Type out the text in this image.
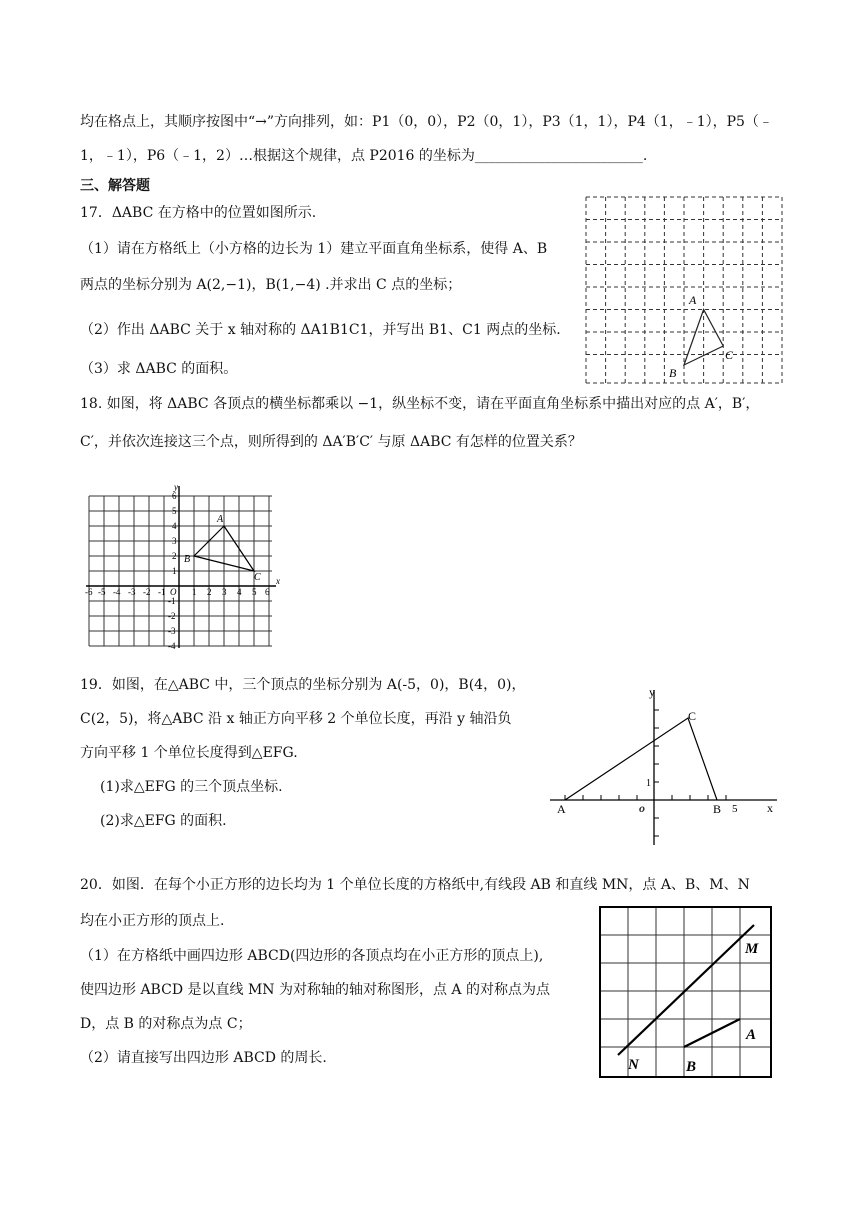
均在格点上，其顺序按图中“→”方向排列，如：P1（0，0），P2（0，1），P3（1，1），P4（1，﹣1），P5（﹣
1，﹣1），P6（﹣1，2）…根据这个规律，点 P2016 的坐标为________________________.
三、解答题
17．ΔABC 在方格中的位置如图所示.
（1）请在方格纸上（小方格的边长为 1）建立平面直角坐标系，使得 A、B
两点的坐标分别为 A(2,−1)，B(1,−4) .并求出 C 点的坐标；
（2）作出 ΔABC 关于 x 轴对称的 ΔA1B1C1，并写出 B1、C1 两点的坐标.
（3）求 ΔABC 的面积。
A
B
C
18. 如图，将 ΔABC 各顶点的横坐标都乘以 −1，纵坐标不变，请在平面直角坐标系中描出对应的点 A′，B′，
C′，并依次连接这三个点，则所得到的 ΔA′B′C′ 与原 ΔABC 有怎样的位置关系？
y
x
O
-6 -5 -4 -3 -2 -1	1 2 3 4 5 6
6
5
4
3
2
1
-1
-2
-3
-4
A
B
C
19．如图，在△ABC 中，三个顶点的坐标分别为 A(-5，0)，B(4，0)，
C(2，5)，将△ABC 沿 x 轴正方向平移 2 个单位长度，再沿 y 轴沿负
方向平移 1 个单位长度得到△EFG.
(1)求△EFG 的三个顶点坐标.
(2)求△EFG 的面积.
y
x
o
A	B 5
C
1
20．如图．在每个小正方形的边长均为 1 个单位长度的方格纸中,有线段 AB 和直线 MN，点 A、B、M、N
均在小正方形的顶点上.
（1）在方格纸中画四边形 ABCD(四边形的各顶点均在小正方形的顶点上),
使四边形 ABCD 是以直线 MN 为对称轴的轴对称图形，点 A 的对称点为点
D，点 B 的对称点为点 C；
（2）请直接写出四边形 ABCD 的周长.
M
N
A
B
